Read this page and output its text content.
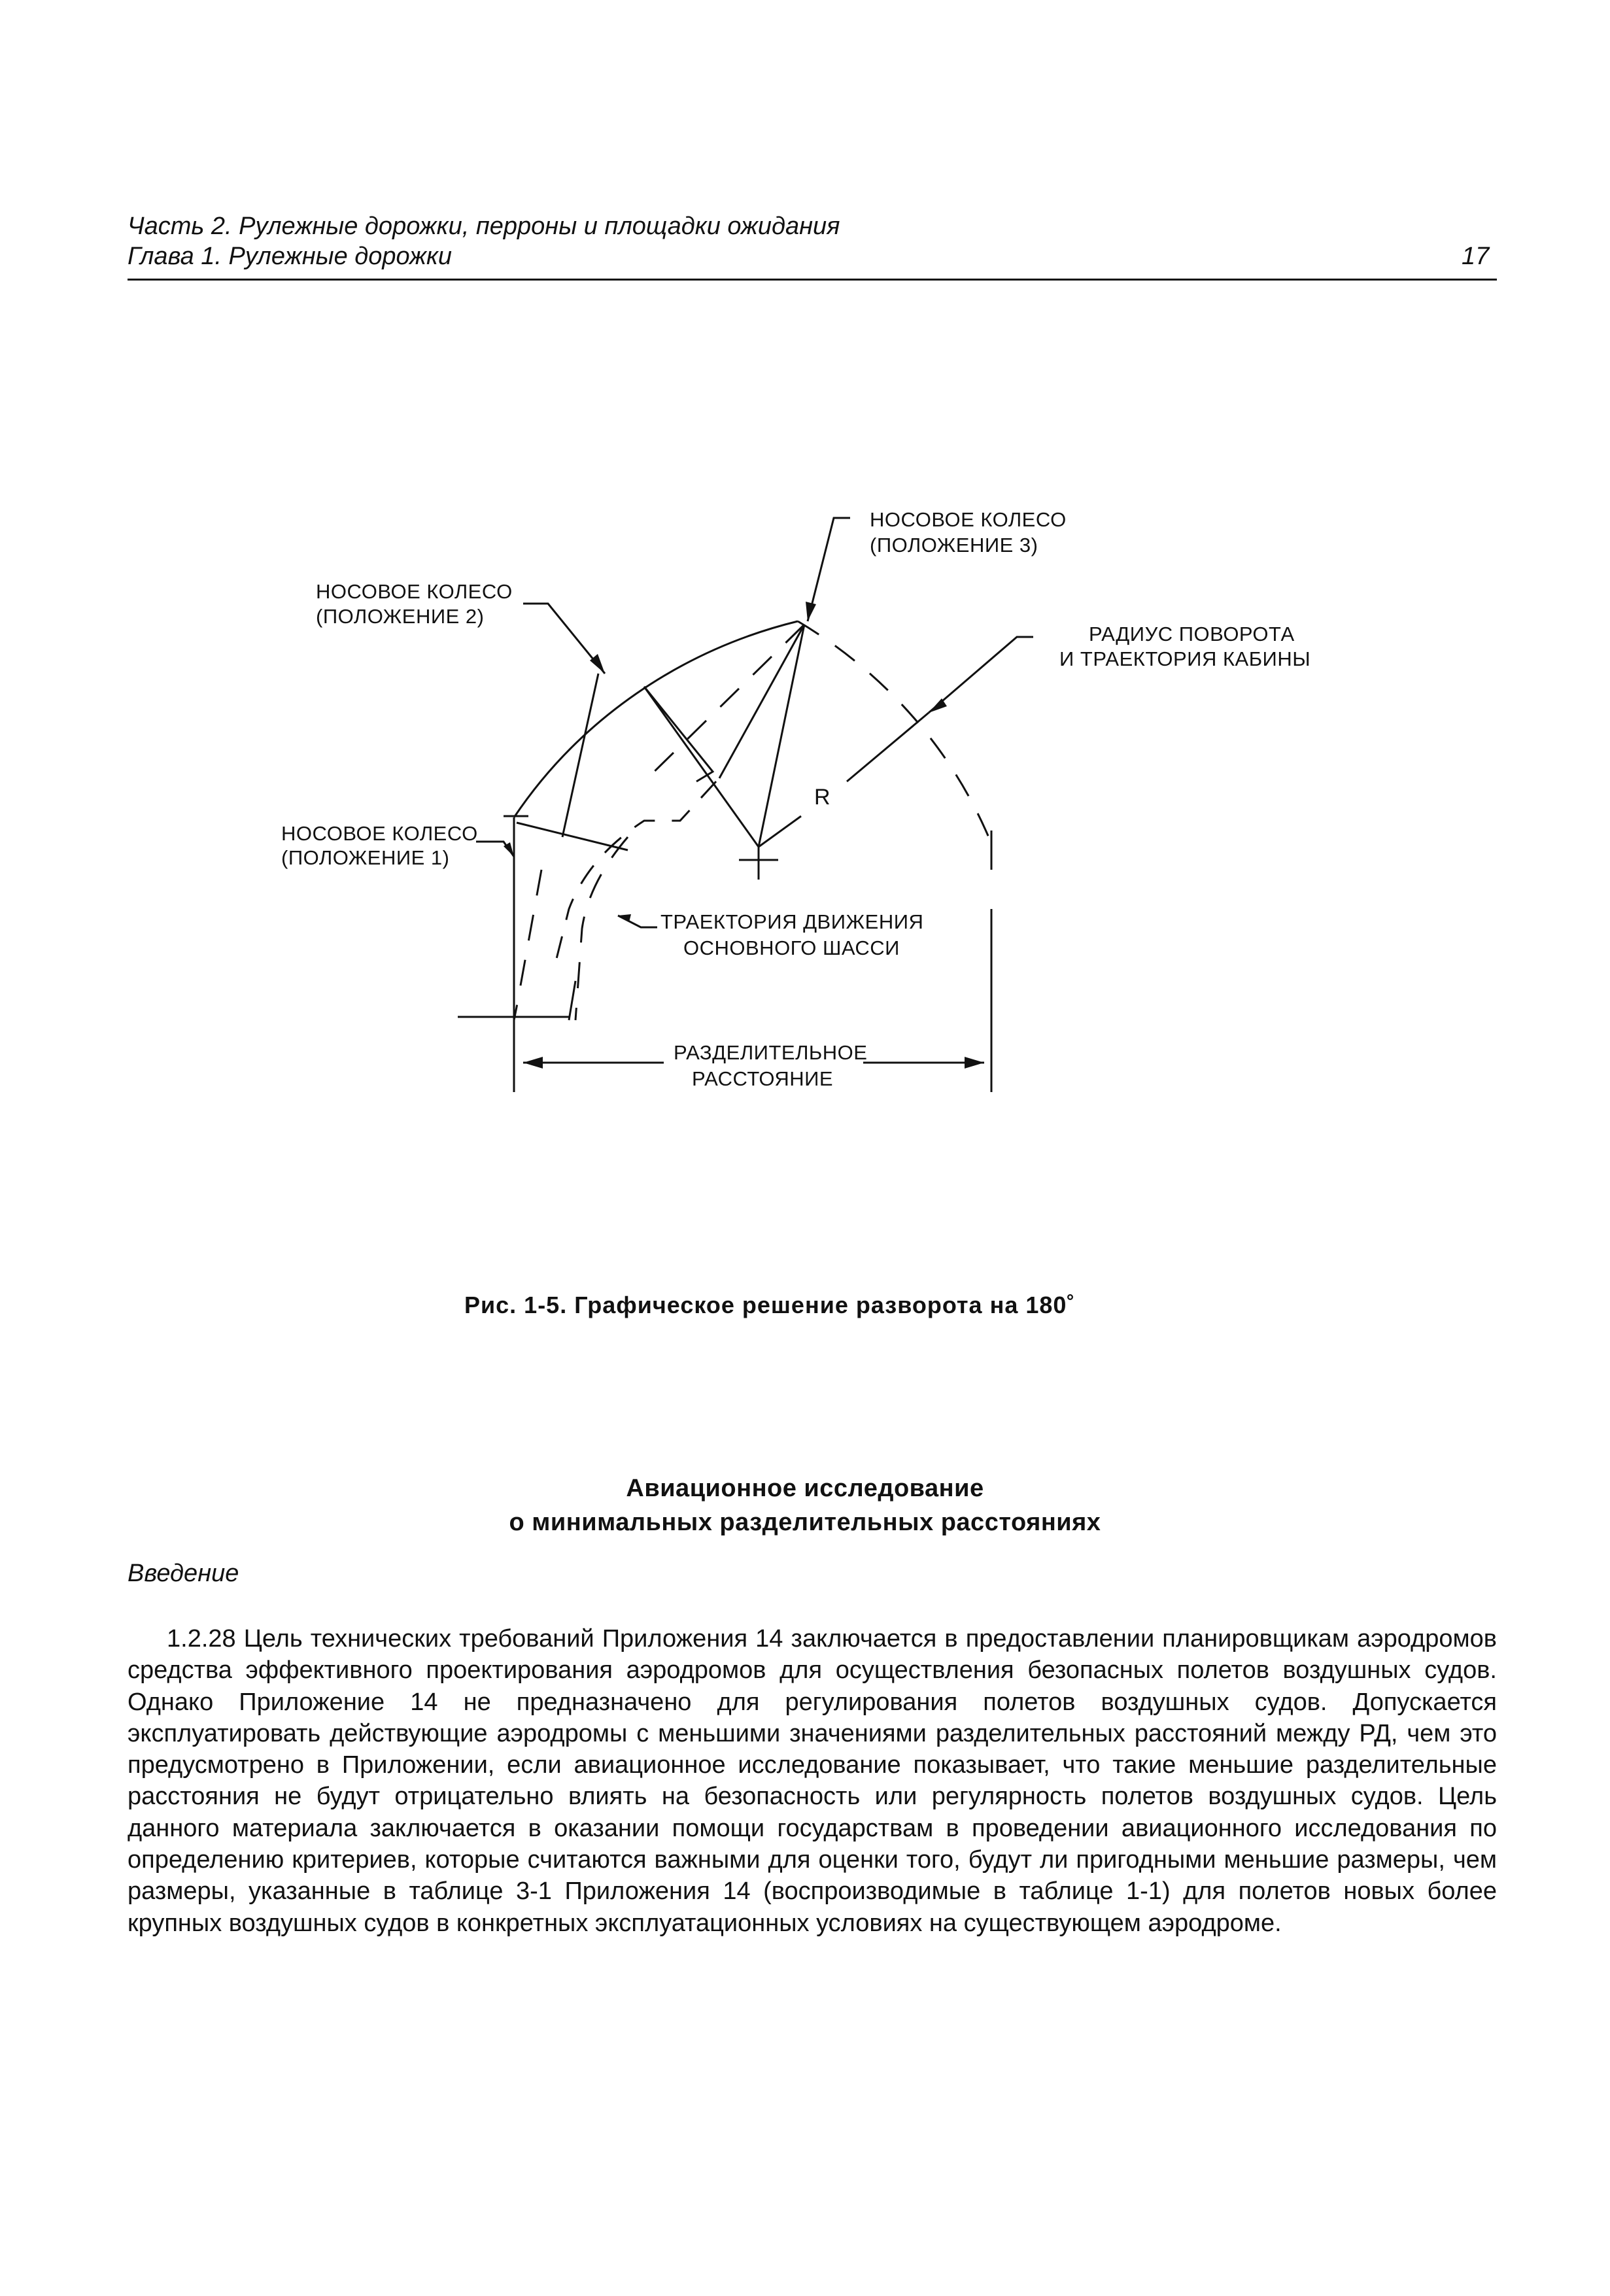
Часть 2. Рулежные дорожки, перроны и площадки ожидания
Глава 1. Рулежные дорожки	17
НОСОВОЕ КОЛЕСО
(ПОЛОЖЕНИЕ 3)
НОСОВОЕ КОЛЕСО
(ПОЛОЖЕНИЕ 2)
РАДИУС ПОВОРОТА
И ТРАЕКТОРИЯ КАБИНЫ
НОСОВОЕ КОЛЕСО
(ПОЛОЖЕНИЕ 1)
R
ТРАЕКТОРИЯ ДВИЖЕНИЯ
ОСНОВНОГО ШАССИ
РАЗДЕЛИТЕЛЬНОЕ
РАССТОЯНИЕ
Рис. 1-5. Графическое решение разворота на 180˚
Авиационное исследование
о минимальных разделительных расстояниях
Введение
1.2.28 Цель технических требований Приложения 14 заключается в предоставлении планировщикам аэродромов средства эффективного проектирования аэродромов для осуществления безопасных полетов воздушных судов. Однако Приложение 14 не предназначено для регулирования полетов воздушных судов. Допускается эксплуатировать действующие аэродромы с меньшими значениями разделительных расстояний между РД, чем это предусмотрено в Приложении, если авиационное исследование показывает, что такие меньшие разделительные расстояния не будут отрицательно влиять на безопасность или регулярность полетов воздушных судов. Цель данного материала заключается в оказании помощи государствам в проведении авиационного исследования по определению критериев, которые считаются важными для оценки того, будут ли пригодными меньшие размеры, чем размеры, указанные в таблице 3-1 Приложения 14 (воспроизводимые в таблице 1-1) для полетов новых более крупных воздушных судов в конкретных эксплуатационных условиях на существующем аэродроме.
